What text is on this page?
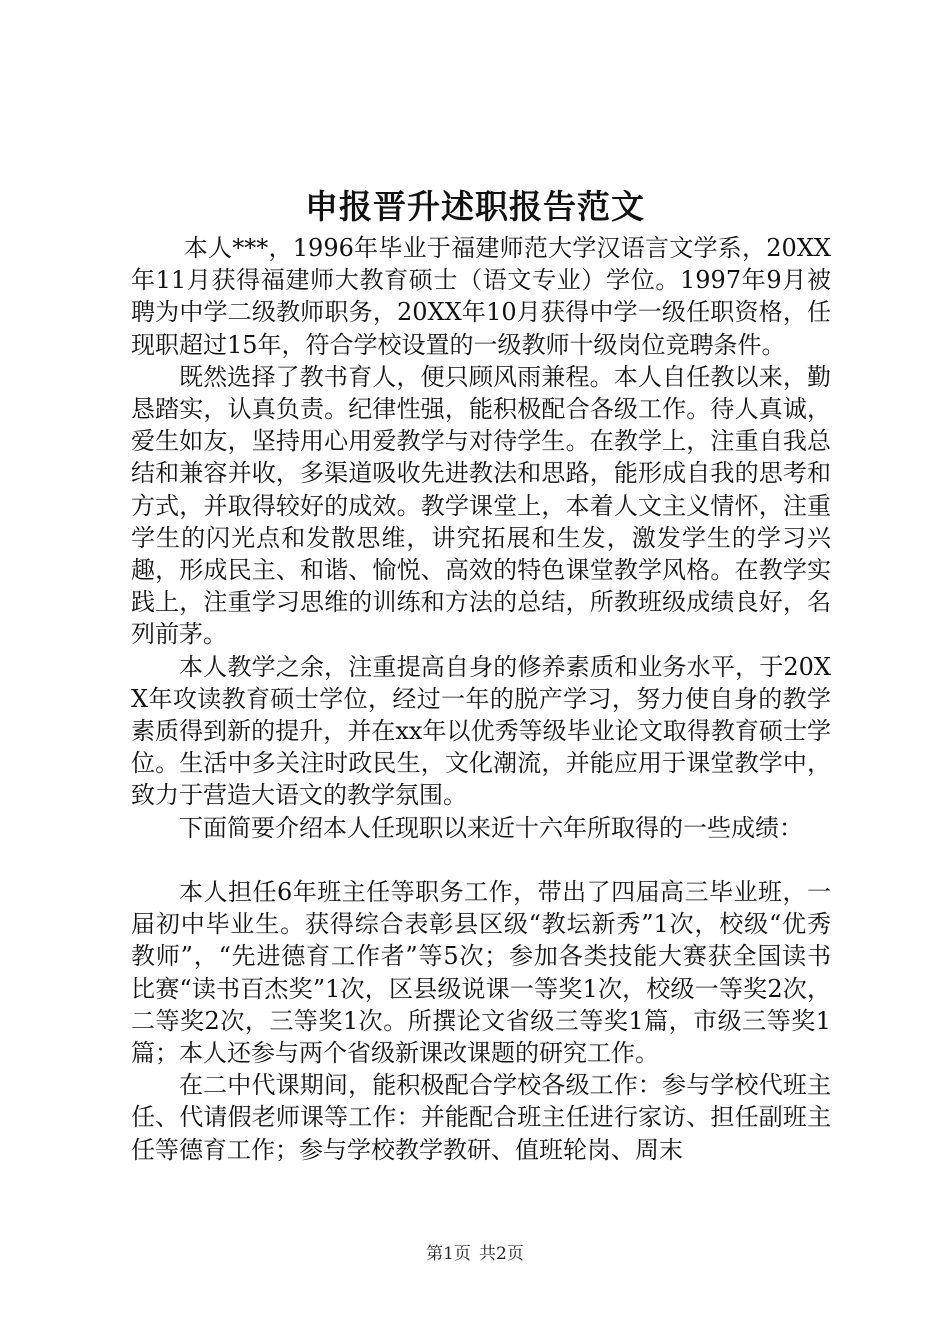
申报晋升述职报告范文

本人***，1996年毕业于福建师范大学汉语言文学系，20XX年11月获得福建师大教育硕士（语文专业）学位。1997年9月被聘为中学二级教师职务，20XX年10月获得中学一级任职资格，任现职超过15年，符合学校设置的一级教师十级岗位竞聘条件。

既然选择了教书育人，便只顾风雨兼程。本人自任教以来，勤恳踏实，认真负责。纪律性强，能积极配合各级工作。待人真诚，爱生如友，坚持用心用爱教学与对待学生。在教学上，注重自我总结和兼容并收，多渠道吸收先进教法和思路，能形成自我的思考和方式，并取得较好的成效。教学课堂上，本着人文主义情怀，注重学生的闪光点和发散思维，讲究拓展和生发，激发学生的学习兴趣，形成民主、和谐、愉悦、高效的特色课堂教学风格。在教学实践上，注重学习思维的训练和方法的总结，所教班级成绩良好，名列前茅。

本人教学之余，注重提高自身的修养素质和业务水平，于20XX年攻读教育硕士学位，经过一年的脱产学习，努力使自身的教学素质得到新的提升，并在xx年以优秀等级毕业论文取得教育硕士学位。生活中多关注时政民生，文化潮流，并能应用于课堂教学中，致力于营造大语文的教学氛围。

下面简要介绍本人任现职以来近十六年所取得的一些成绩：

本人担任6年班主任等职务工作，带出了四届高三毕业班，一届初中毕业生。获得综合表彰县区级“教坛新秀”1次，校级“优秀教师”，“先进德育工作者”等5次；参加各类技能大赛获全国读书比赛“读书百杰奖”1次，区县级说课一等奖1次，校级一等奖2次，二等奖2次，三等奖1次。所撰论文省级三等奖1篇，市级三等奖1篇；本人还参与两个省级新课改课题的研究工作。

在二中代课期间，能积极配合学校各级工作：参与学校代班主任、代请假老师课等工作：并能配合班主任进行家访、担任副班主任等德育工作；参与学校教学教研、值班轮岗、周末

第1页 共2页
